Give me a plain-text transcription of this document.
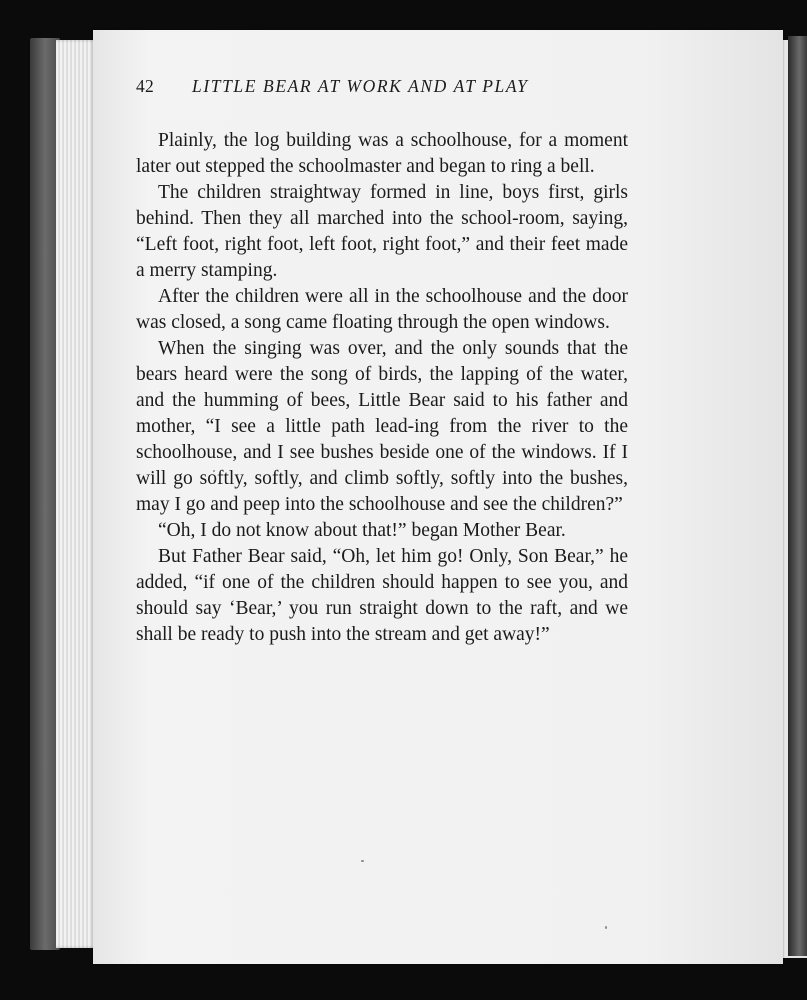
42 LITTLE BEAR AT WORK AND AT PLAY

Plainly, the log building was a schoolhouse, for a moment later out stepped the schoolmaster and began to ring a bell.

The children straightway formed in line, boys first, girls behind. Then they all marched into the school-room, saying, “Left foot, right foot, left foot, right foot,” and their feet made a merry stamping.

After the children were all in the schoolhouse and the door was closed, a song came floating through the open windows.

When the singing was over, and the only sounds that the bears heard were the song of birds, the lapping of the water, and the humming of bees, Little Bear said to his father and mother, “I see a little path lead-ing from the river to the schoolhouse, and I see bushes beside one of the windows. If I will go softly, softly, and climb softly, softly into the bushes, may I go and peep into the schoolhouse and see the children?”

“Oh, I do not know about that!” began Mother Bear.

But Father Bear said, “Oh, let him go! Only, Son Bear,” he added, “if one of the children should happen to see you, and should say ‘Bear,’ you run straight down to the raft, and we shall be ready to push into the stream and get away!”
